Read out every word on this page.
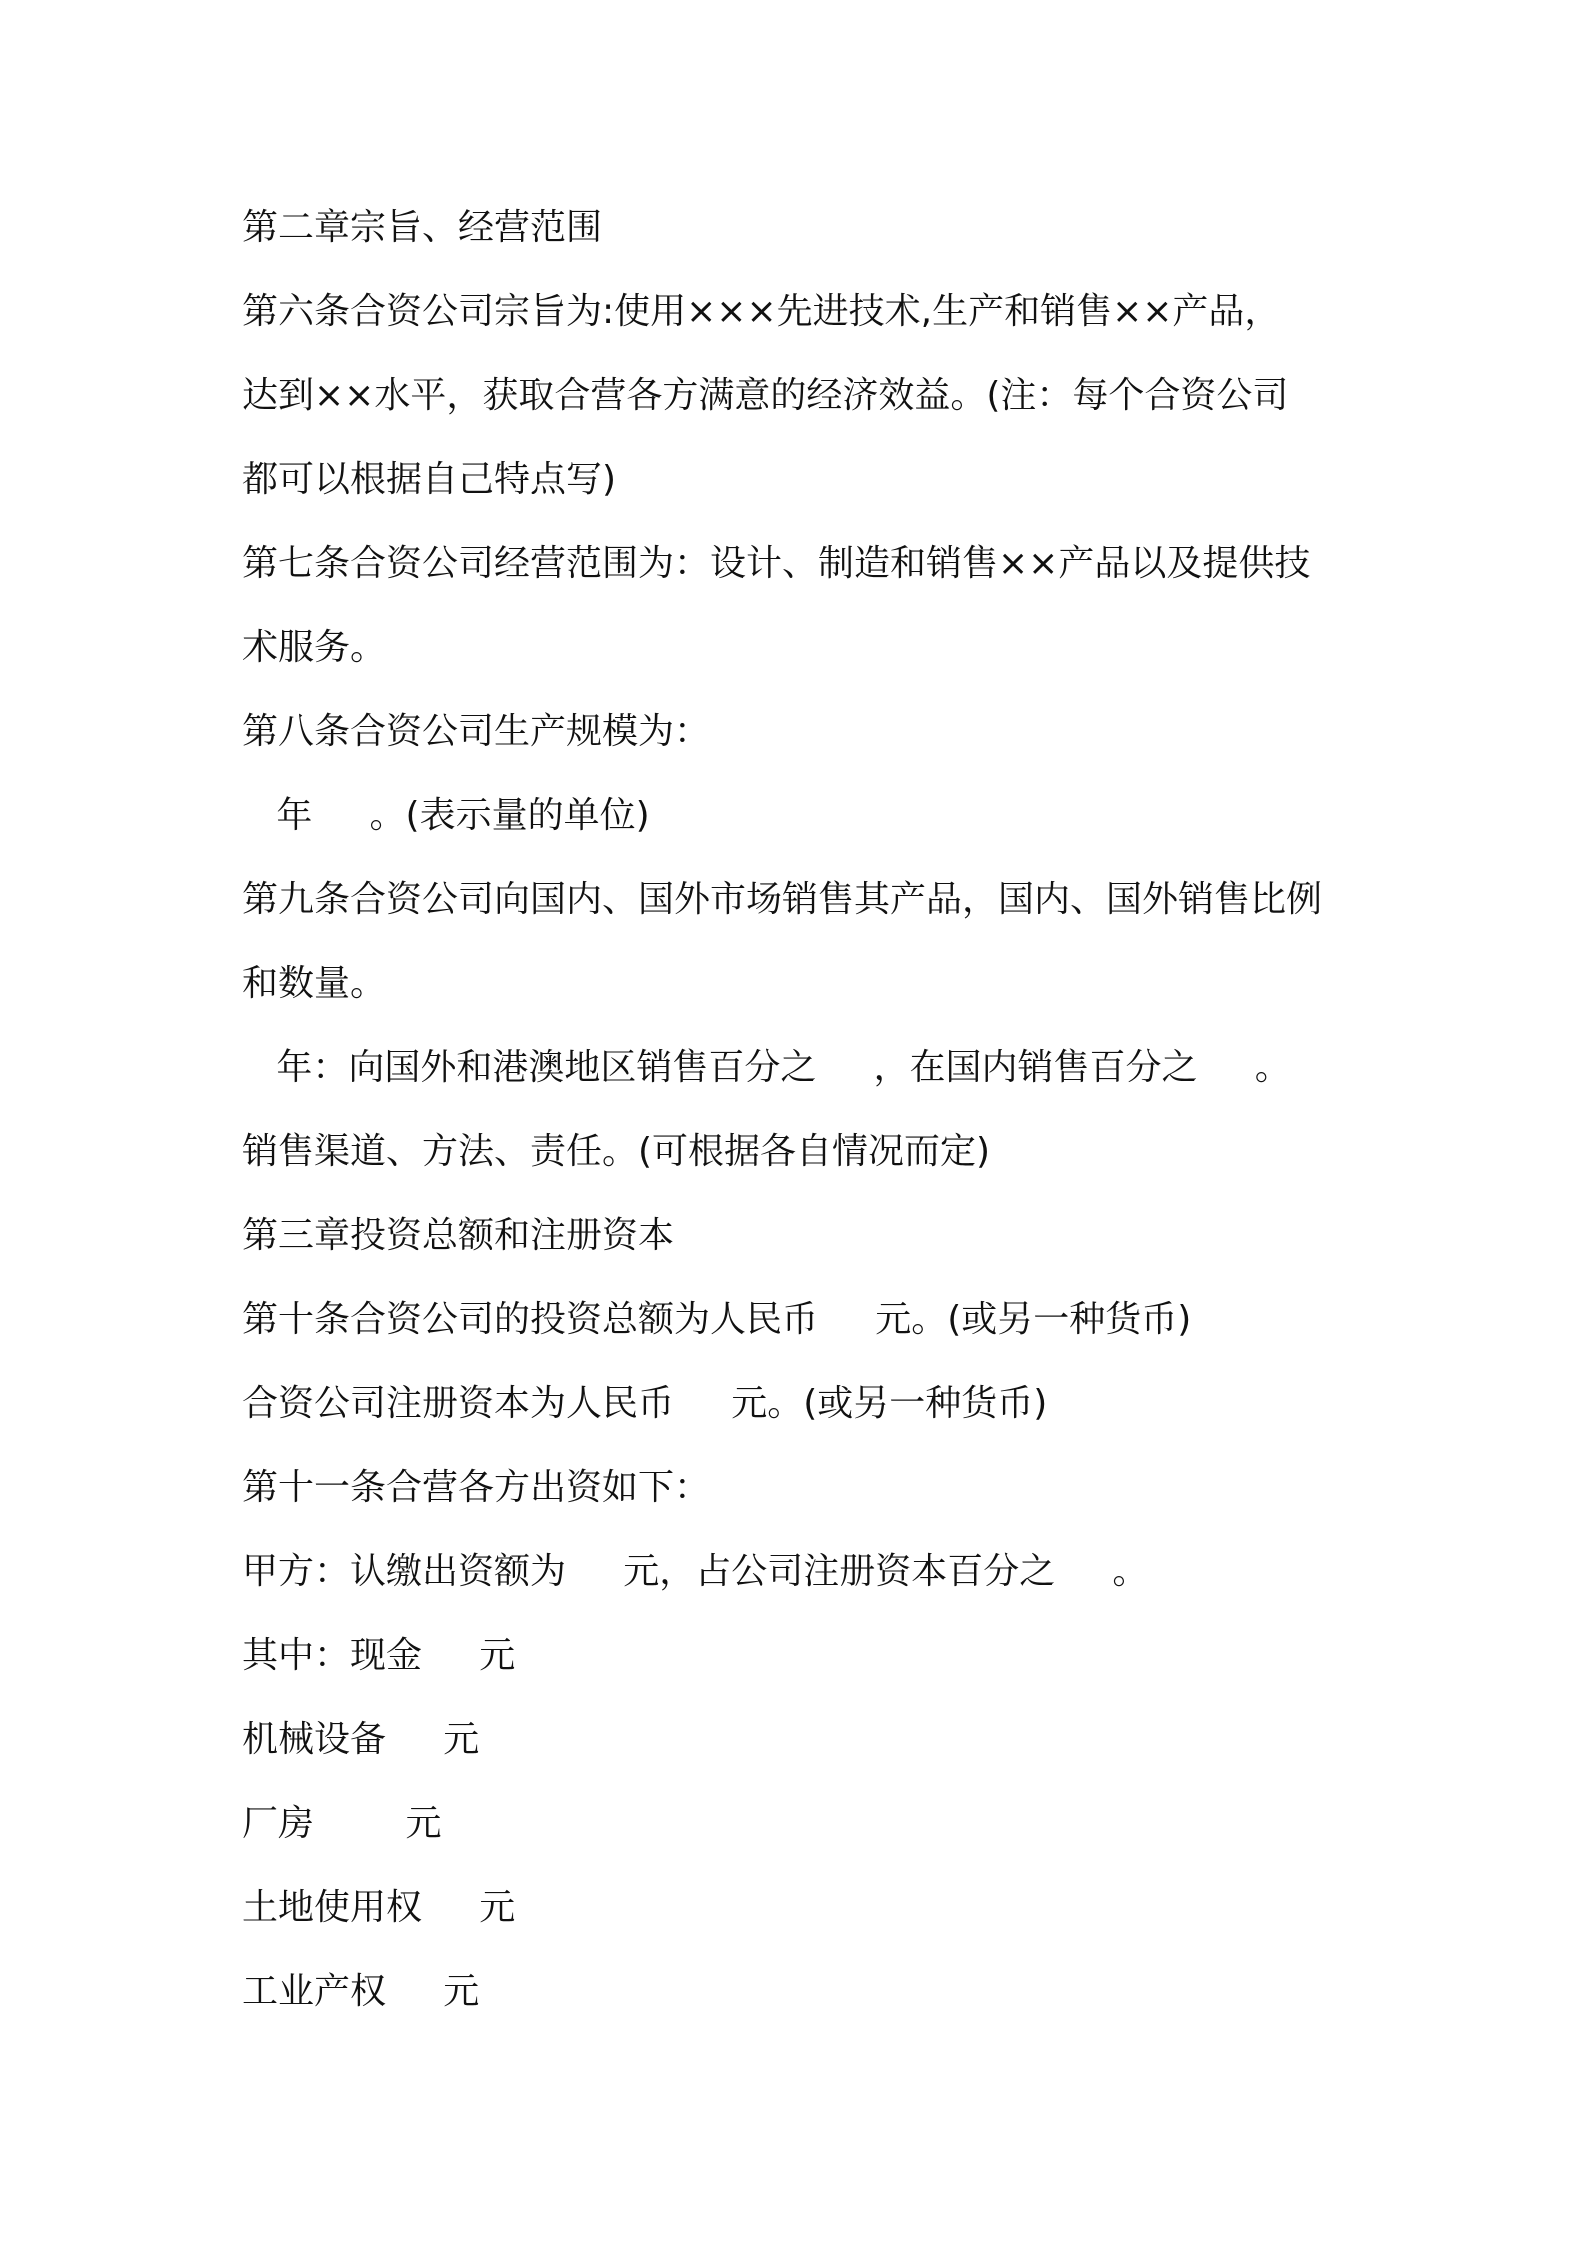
第二章宗旨、经营范围
第六条合资公司宗旨为:使用×××先进技术,生产和销售××产品，
达到××水平，获取合营各方满意的经济效益。(注：每个合资公司
都可以根据自己特点写)
第七条合资公司经营范围为：设计、制造和销售××产品以及提供技
术服务。
第八条合资公司生产规模为：
年     。(表示量的单位)
第九条合资公司向国内、国外市场销售其产品，国内、国外销售比例
和数量。
年：向国外和港澳地区销售百分之     ，在国内销售百分之     。
销售渠道、方法、责任。(可根据各自情况而定)
第三章投资总额和注册资本
第十条合资公司的投资总额为人民币     元。(或另一种货币)
合资公司注册资本为人民币     元。(或另一种货币)
第十一条合营各方出资如下：
甲方：认缴出资额为     元，占公司注册资本百分之     。
其中：现金     元
机械设备     元
厂房        元
土地使用权     元
工业产权     元
